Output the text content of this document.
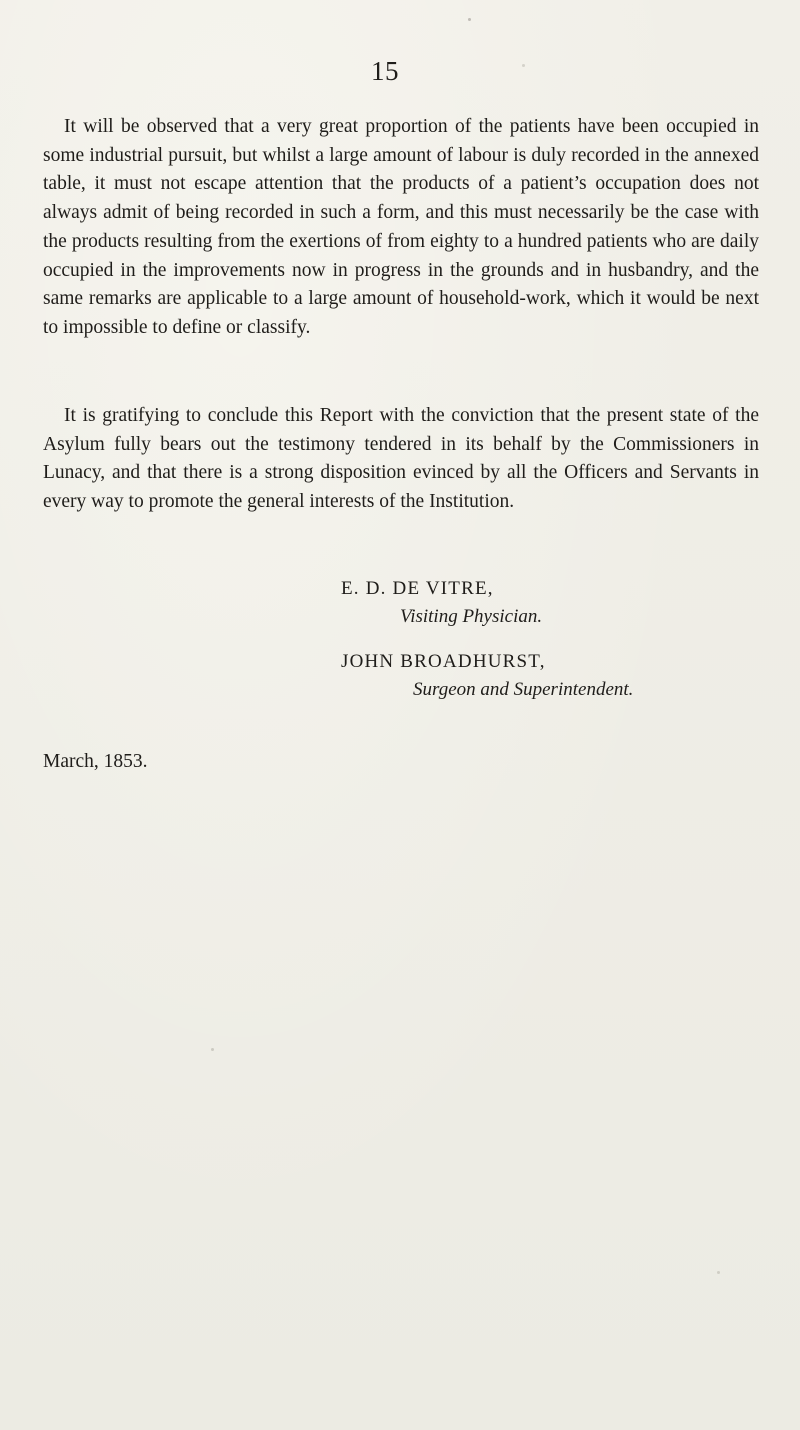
15

It will be observed that a very great proportion of the patients have been occupied in some industrial pursuit, but whilst a large amount of labour is duly recorded in the annexed table, it must not escape attention that the products of a patient’s occupation does not always admit of being recorded in such a form, and this must necessarily be the case with the products resulting from the exertions of from eighty to a hundred patients who are daily occupied in the improvements now in progress in the grounds and in husbandry, and the same remarks are applicable to a large amount of household-work, which it would be next to impossible to define or classify.

It is gratifying to conclude this Report with the conviction that the present state of the Asylum fully bears out the testimony tendered in its behalf by the Commissioners in Lunacy, and that there is a strong disposition evinced by all the Officers and Servants in every way to promote the general interests of the Institution.

E. D. DE VITRE,

Visiting Physician.

JOHN BROADHURST,

Surgeon and Superintendent.

March, 1853.
